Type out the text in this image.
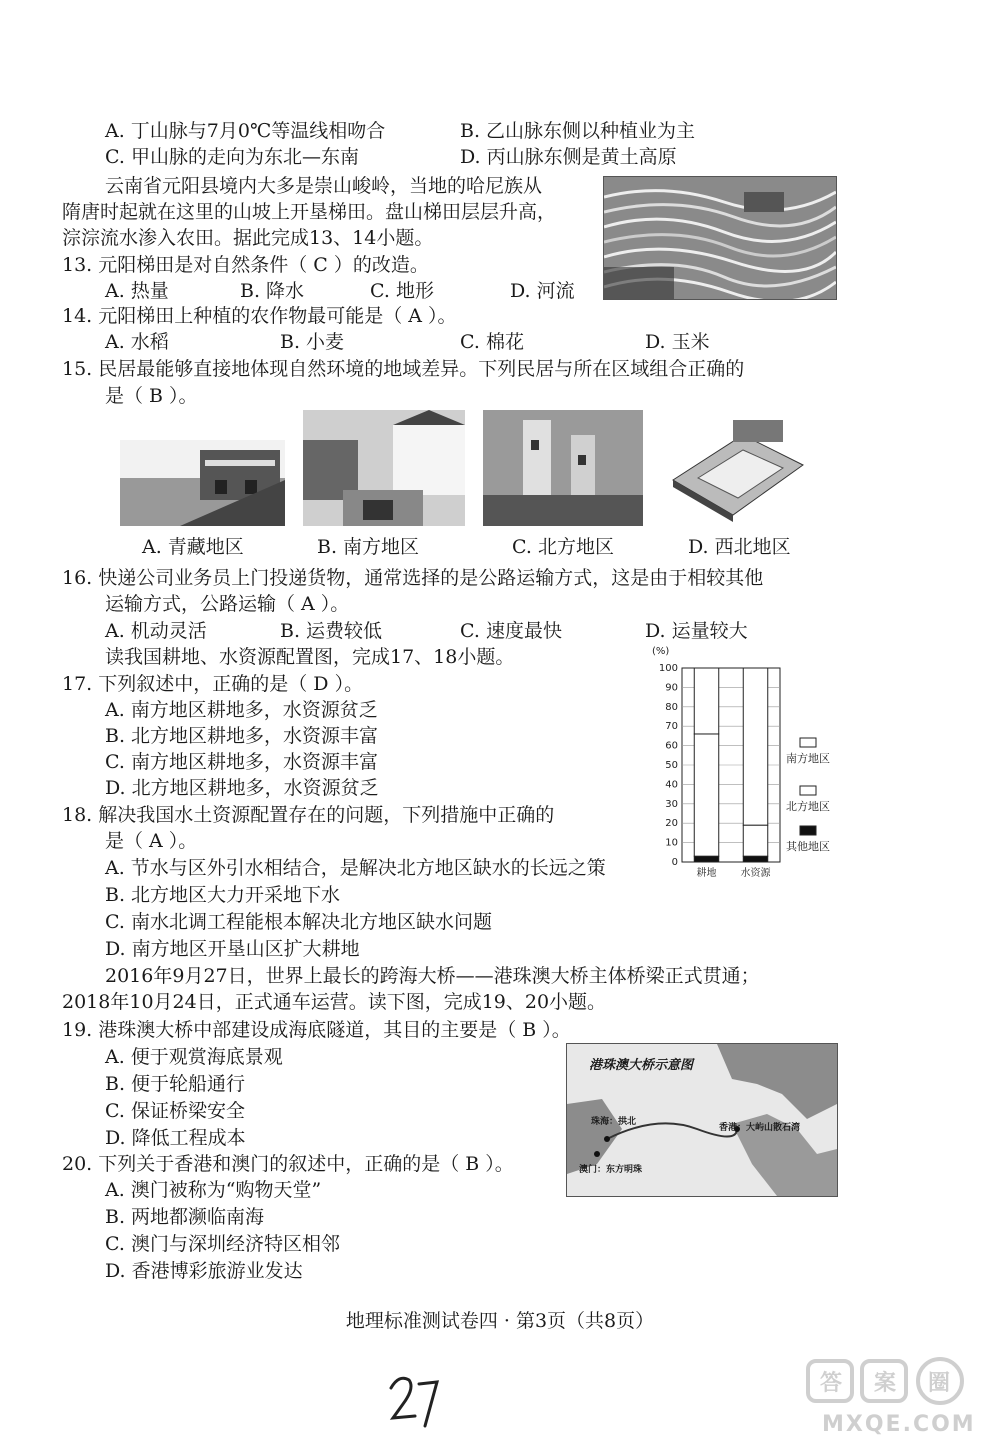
A. 丁山脉与7月0℃等温线相吻合	B. 乙山脉东侧以种植业为主
C. 甲山脉的走向为东北—东南	D. 丙山脉东侧是黄土高原
云南省元阳县境内大多是崇山峻岭，当地的哈尼族从
隋唐时起就在这里的山坡上开垦梯田。盘山梯田层层升高，
淙淙流水渗入农田。据此完成13、14小题。
13. 元阳梯田是对自然条件（ C ）的改造。
A. 热量	B. 降水	C. 地形	D. 河流
14. 元阳梯田上种植的农作物最可能是（ A ）。
A. 水稻	B. 小麦	C. 棉花	D. 玉米
15. 民居最能够直接地体现自然环境的地域差异。下列民居与所在区域组合正确的
是（ B ）。
A. 青藏地区	B. 南方地区	C. 北方地区	D. 西北地区
16. 快递公司业务员上门投递货物，通常选择的是公路运输方式，这是由于相较其他
运输方式，公路运输（ A ）。
A. 机动灵活	B. 运费较低	C. 速度最快	D. 运量较大
读我国耕地、水资源配置图，完成17、18小题。
17. 下列叙述中，正确的是（ D ）。
A. 南方地区耕地多，水资源贫乏
B. 北方地区耕地多，水资源丰富
C. 南方地区耕地多，水资源丰富
D. 北方地区耕地多，水资源贫乏
18. 解决我国水土资源配置存在的问题，下列措施中正确的
是（ A ）。
A. 节水与区外引水相结合，是解决北方地区缺水的长远之策
B. 北方地区大力开采地下水
C. 南水北调工程能根本解决北方地区缺水问题
D. 南方地区开垦山区扩大耕地
(%)
0
10
20
30
40
50
60
70
80
90
100
耕地 水资源
南方地区
北方地区
其他地区
2016年9月27日，世界上最长的跨海大桥——港珠澳大桥主体桥梁正式贯通；
2018年10月24日，正式通车运营。读下图，完成19、20小题。
19. 港珠澳大桥中部建设成海底隧道，其目的主要是（ B ）。
A. 便于观赏海底景观
B. 便于轮船通行
C. 保证桥梁安全
D. 降低工程成本
港珠澳大桥示意图
珠海：拱北
香港：大屿山散石湾
澳门：东方明珠
20. 下列关于香港和澳门的叙述中，正确的是（ B ）。
A. 澳门被称为“购物天堂”
B. 两地都濒临南海
C. 澳门与深圳经济特区相邻
D. 香港博彩旅游业发达
地理标准测试卷四 · 第3页（共8页）
答 案 圈
MXQE.COM
